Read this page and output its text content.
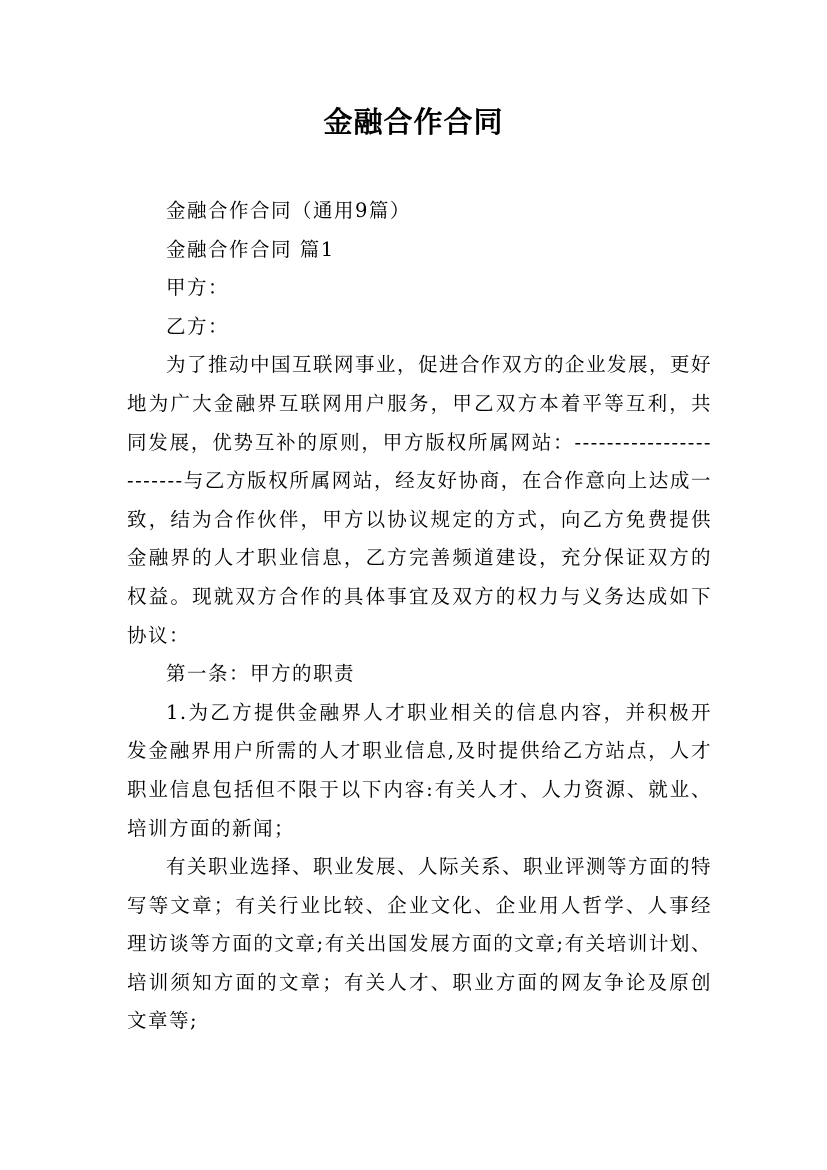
金融合作合同

金融合作合同（通用9篇）

金融合作合同 篇1

甲方：

乙方：

为了推动中国互联网事业，促进合作双方的企业发展，更好地为广大金融界互联网用户服务，甲乙双方本着平等互利，共同发展，优势互补的原则，甲方版权所属网站：------------------------与乙方版权所属网站，经友好协商，在合作意向上达成一致，结为合作伙伴，甲方以协议规定的方式，向乙方免费提供金融界的人才职业信息，乙方完善频道建设，充分保证双方的权益。现就双方合作的具体事宜及双方的权力与义务达成如下协议：

第一条：甲方的职责

1.为乙方提供金融界人才职业相关的信息内容，并积极开发金融界用户所需的人才职业信息,及时提供给乙方站点，人才职业信息包括但不限于以下内容:有关人才、人力资源、就业、培训方面的新闻；

有关职业选择、职业发展、人际关系、职业评测等方面的特写等文章；有关行业比较、企业文化、企业用人哲学、人事经理访谈等方面的文章;有关出国发展方面的文章;有关培训计划、培训须知方面的文章；有关人才、职业方面的网友争论及原创文章等;
